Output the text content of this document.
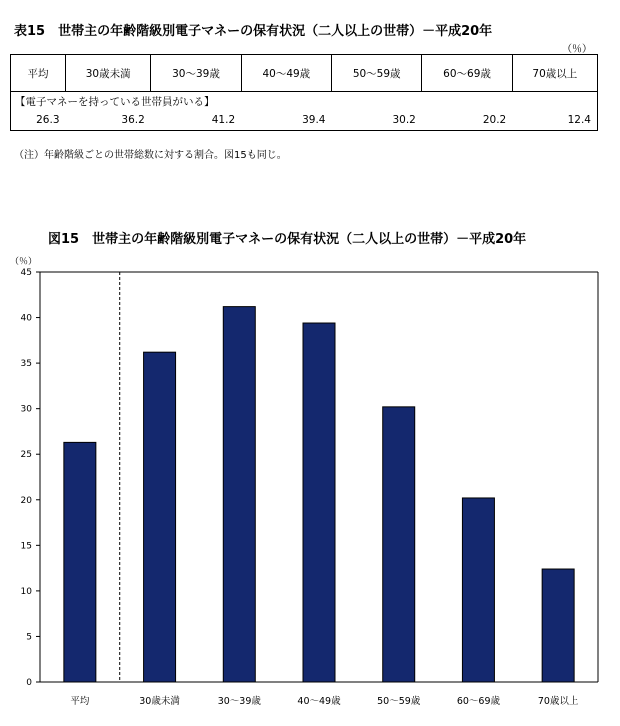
表15　世帯主の年齢階級別電子マネーの保有状況（二人以上の世帯）－平成20年
（％）
平均	30歳未満	30～39歳	40～49歳	50～59歳	60～69歳	70歳以上
【電子マネーを持っている世帯員がいる】						
26.3	36.2	41.2	39.4	30.2	20.2	12.4
（注）年齢階級ごとの世帯総数に対する割合。図15も同じ。
図15　世帯主の年齢階級別電子マネーの保有状況（二人以上の世帯）－平成20年
（％）
0
5
10
15
20
25
30
35
40
45
平均	30歳未満	30～39歳	40～49歳	50～59歳	60～69歳	70歳以上
